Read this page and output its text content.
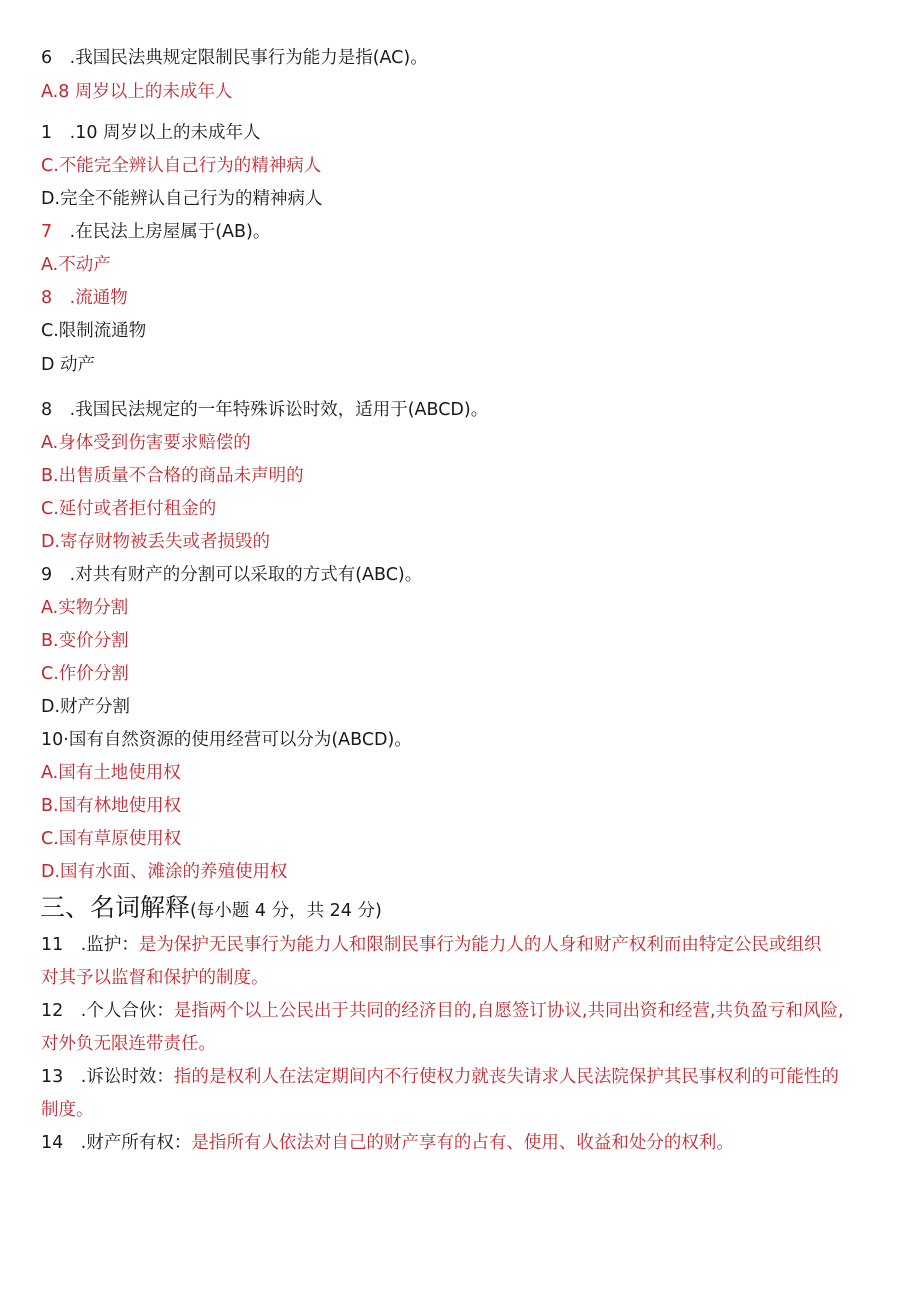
6　.我国民法典规定限制民事行为能力是指(AC)。
A.8 周岁以上的未成年人
1　.10 周岁以上的未成年人
C.不能完全辨认自己行为的精神病人
D.完全不能辨认自己行为的精神病人
7　.在民法上房屋属于(AB)。
A.不动产
8　.流通物
C.限制流通物
D 动产
8　.我国民法规定的一年特殊诉讼时效，适用于(ABCD)。
A.身体受到伤害要求赔偿的
B.出售质量不合格的商品未声明的
C.延付或者拒付租金的
D.寄存财物被丢失或者损毁的
9　.对共有财产的分割可以采取的方式有(ABC)。
A.实物分割
B.变价分割
C.作价分割
D.财产分割
10·国有自然资源的使用经营可以分为(ABCD)。
A.国有土地使用权
B.国有林地使用权
C.国有草原使用权
D.国有水面、滩涂的养殖使用权
三、名词解释(每小题 4 分，共 24 分)
11　.监护：是为保护无民事行为能力人和限制民事行为能力人的人身和财产权利而由特定公民或组织
对其予以监督和保护的制度。
12　.个人合伙：是指两个以上公民出于共同的经济目的,自愿签订协议,共同出资和经营,共负盈亏和风险,
对外负无限连带责任。
13　.诉讼时效：指的是权利人在法定期间内不行使权力就丧失请求人民法院保护其民事权利的可能性的
制度。
14　.财产所有权：是指所有人依法对自己的财产享有的占有、使用、收益和处分的权利。
